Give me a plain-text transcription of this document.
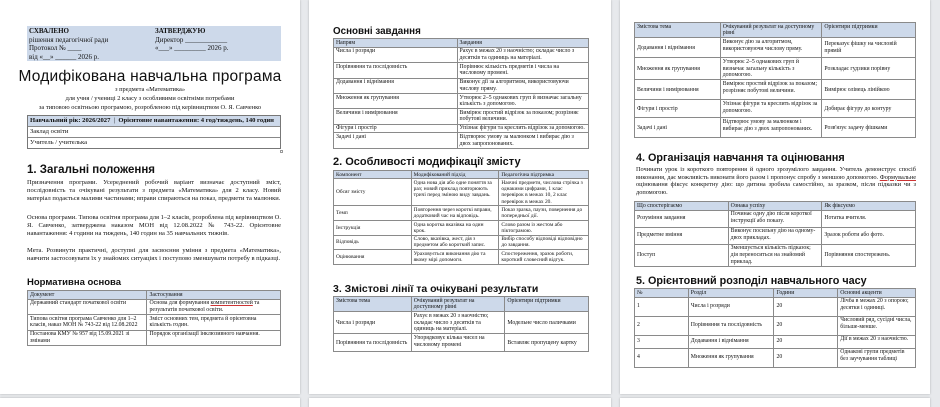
СХВАЛЕНО
рішення педагогічної ради
Протокол № ____
від «__» ______ 2026 р.
ЗАТВЕРДЖУЮ
Директор ____________
«___» _________ 2026 р.
Модифікована навчальна програма
з предмета «Математика»
для учня / учениці 2 класу з особливими освітніми потребами
за типовою освітньою програмою, розробленою під керівництвом О. Я. Савченко
Навчальний рік: 2026/2027  |  Орієнтовне навантаження: 4 год/тиждень, 140 годин
Заклад освіти
Учитель / учителька
1. Загальні положення
Призначення програми. Усереднений робочий варіант визначає доступний зміст, послідовність та очікувані результати з предмета «Математика» для 2 класу. Новий матеріал подається малими частинами; вправи спираються на показ, предмети та малюнки.
Основа програми. Типова освітня програма для 1–2 класів, розроблена під керівництвом О. Я. Савченко, затверджена наказом МОН від 12.08.2022 № 743-22. Орієнтовне навантаження: 4 години на тиждень, 140 годин на 35 навчальних тижнів.
Мета. Розвинути практичні, доступні для засвоєння уміння з предмета «Математика», навчити застосовувати їх у знайомих ситуаціях і поступово зменшувати потребу в підказці.
Нормативна основа
Документ	Застосування
Державний стандарт початкової освіти	Основа для формування компетентностей та результатів початкової освіти.
Типова освітня програма Савченко для 1–2 класів, наказ МОН № 743-22 від 12.08.2022	Зміст основних тем, предмета й орієнтовна кількість годин.
Постанова КМУ № 957 від 15.09.2021 зі змінами	Порядок організації інклюзивного навчання.
Основні завдання
Напрям	Завдання
Числа і розряди	Рахує в межах 20 з наочністю; складає число з десятків та одиниць на матеріалі.
Порівняння та послідовність	Порівнює кількість предметів і числа на числовому промені.
Додавання і віднімання	Виконує дії за алгоритмом, використовуючи числову пряму.
Множення як групування	Утворює 2–5 однакових груп й визначає загальну кількість з допомогою.
Величини і вимірювання	Вимірює простий відрізок за показом; розрізняє побутові величини.
Фігури і простір	Упізнає фігури та креслить відрізок за допомогою.
Задачі і дані	Відтворює умову за малюнком і вибирає дію з двох запропонованих.
2. Особливості модифікації змісту
Компонент	Модифікований підхід	Педагогічна підтримка
Обсяг змісту	Одна нова дія або одне поняття за раз; новий приклад повторюють тричі перед зміною виду завдань.	Наочні предмети, числова стрічка з однакими цифрами, 1 клас перевірок в межах 10, 2 клас перевірок в межах 20.
Темп	Повторення через короткі вправи, додатковий час на відповідь.	Показ зразка, паузи, повернення до попередньої дії.
Інструкція	Одна коротка вказівка на один крок.	Слово разом із жестом або піктограмою.
Відповідь	Слово, вказівка, жест, дія з предметом або короткий запис.	Вибір способу відповіді відповідно до завдання.
Оцінювання	Ураховується виконання дію та якому мірі допомоги.	Спостереження, зразок роботи, короткий словесний відгук.
3. Змістові лінії та очікувані результати
Змістова тема	Очікуваний результат на доступному рівні	Орієнтири підтримки
Числа і розряди	Рахує в межах 20 з наочністю; складає число з десятків та одиниць на матеріалі.	Модельне число паличками
Порівняння та послідовність	Упорядковує кілька чисел на числовому промені	Вставляє пропущену картку
Змістова тема	Очікуваний результат на доступному рівні	Орієнтири підтримки
Додавання і віднімання	Виконує дію за алгоритмом, використовуючи числову пряму.	Переказує фішку на числовій прямій
Множення як групування	Утворює 2–5 однакових груп й визначає загальну кількість з допомогою.	Розкладає гудзики порівну
Величини і вимірювання	Вимірює простий відрізок за показом; розрізняє побутові величини.	Вимірює олівець лінійкою
Фігури і простір	Упізнає фігури та креслить відрізок за допомогою.	Добирає фігуру до контуру
Задачі і дані	Відтворює умову за малюнком і вибирає дію з двох запропонованих.	Розв'язує задачу фішками
4. Організація навчання та оцінювання
Починати урок із короткого повторення й одного зрозумілого завдання. Учитель демонструє спосіб виконання, дає можливість виконати його разом і пропонує спробу з меншою допомогою. Формувальне оцінювання фіксує конкретну дію: що дитина зробила самостійно, за зразком, після підказки чи з допомогою.
Що спостерігаємо	Ознака успіху	Як фіксуємо
Розуміння завдання	Починає одну дію після короткої інструкції або показу.	Нотатка вчителя.
Предметне вміння	Виконує посильну дію на одному-двох прикладах.	Зразок роботи або фото.
Поступ	Зменшується кількість підказок; дія переноситься на знайомий приклад.	Порівняння спостережень.
5. Орієнтовний розподіл навчального часу
№	Розділ	Години	Основні акценти
1	Числа і розряди	20	Лічба в межах 20 з опорою; десятки і одиниці.
2	Порівняння та послідовність	20	Числовий ряд, сусідні числа, більше-менше.
3	Додавання і віднімання	20	Дії в межах 20 з наочністю.
4	Множення як групування	20	Однакові групи предметів без заучування таблиці
